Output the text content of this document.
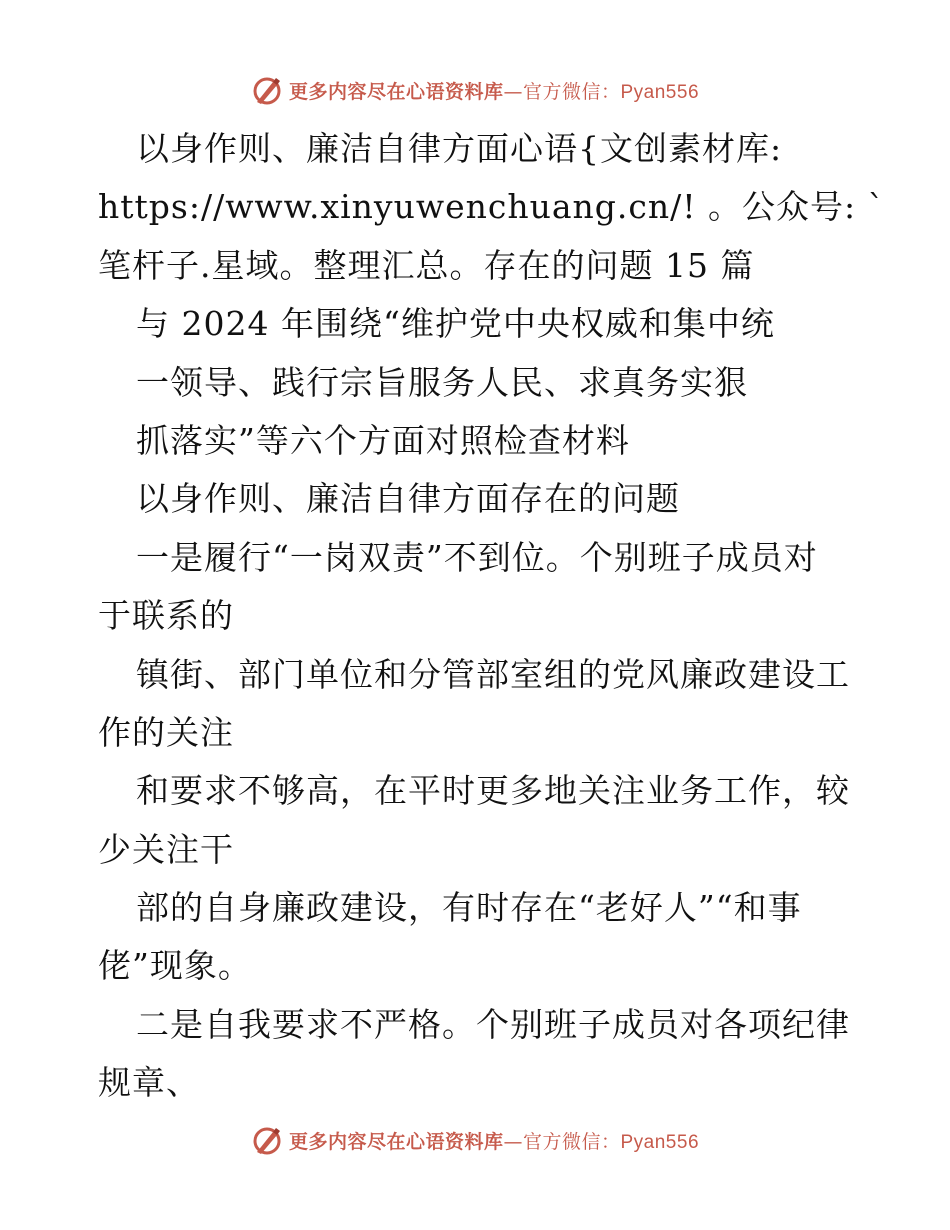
更多内容尽在心语资料库—官方微信：Pyan556
以身作则、廉洁自律方面心语{文创素材库:
https://www.xinyuwenchuang.cn/! 。公众号: `
笔杆子.星域。整理汇总。存在的问题 15 篇
与 2024 年围绕“维护党中央权威和集中统
一领导、践行宗旨服务人民、求真务实狠
抓落实”等六个方面对照检查材料
以身作则、廉洁自律方面存在的问题
一是履行“一岗双责”不到位。个别班子成员对
于联系的
镇街、部门单位和分管部室组的党风廉政建设工
作的关注
和要求不够高，在平时更多地关注业务工作，较
少关注干
部的自身廉政建设，有时存在“老好人”“和事
佬”现象。
二是自我要求不严格。个别班子成员对各项纪律
规章、
更多内容尽在心语资料库—官方微信：Pyan556
